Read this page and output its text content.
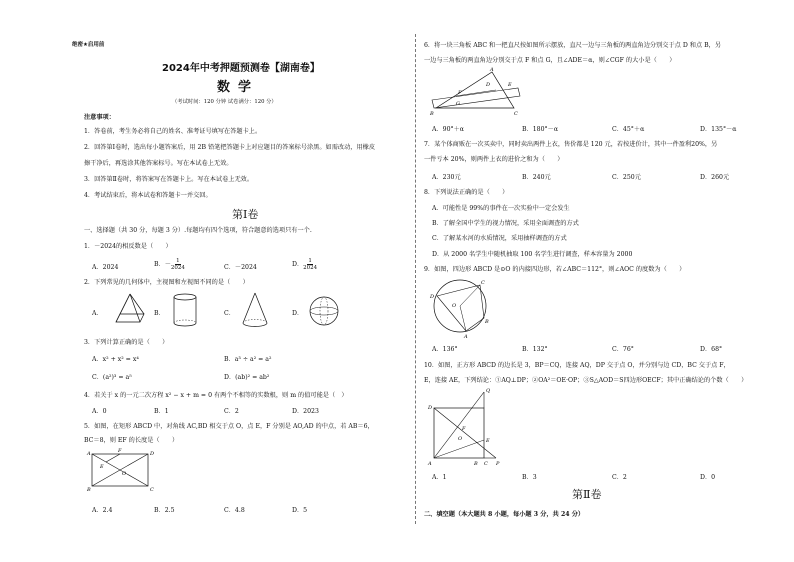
绝密★启用前
2024年中考押题预测卷【湖南卷】
数学
（考试时间：120 分钟 试卷满分：120 分）
注意事项：
1．答卷前，考生务必将自己的姓名、准考证号填写在答题卡上。
2．回答第Ⅰ卷时，选出每小题答案后，用 2B 铅笔把答题卡上对应题目的答案标号涂黑。如需改动，用橡皮
擦干净后，再选涂其他答案标号。写在本试卷上无效。
3．回答第Ⅱ卷时，将答案写在答题卡上。写在本试卷上无效。
4．考试结束后，将本试卷和答题卡一并交回。
第Ⅰ卷
一、选择题（共 30 分，每题 3 分）.每题均有四个选项，符合题意的选项只有一个.
1．－2024的相反数是（　　）
A．2024	B．－ $\frac{1}{2024}$	C．－2024	D． $\frac{1}{2024}$
2．下列常见的几何体中，主视图和左视图不同的是（　　）
A．	B．	C．	D．
3．下列计算正确的是（　　）
A．x² + x² = x⁴	B．a³ ÷ a² = a²
C．(a²)³ = a⁵	D．(ab)² = ab²
4．若关于 x 的一元二次方程 x² − x + m = 0 有两个不相等的实数根，则 m 的值可能是（　）
A．0	B．1	C．2	D．2023
5．如图，在矩形 ABCD 中，对角线 AC,BD 相交于点 O，点 E，F 分别是 AO,AD 的中点，若 AB＝6，
BC＝8，则 EF 的长度是（　　）
A	D
E
F
O
B	C
A．2.4	B．2.5	C．4.8	D．5
6．将一块三角板 ABC 和一把直尺按如图所示摆放，直尺一边与三角板的两直角边分别交于点 D 和点 B，另
一边与三角板的两直角边分别交于点 F 和点 G，且∠ADE＝α，则∠CGF 的大小是（　　）
A
D	E
F
G
B	C
A．90°＋α	B．180°－α	C．45°＋α	D．135°－α
7．某个体商贩在一次买卖中，同时卖出两件上衣，售价都是 120 元，若按进价计，其中一件盈利20%，另
一件亏本 20%，则两件上衣的进价之和为（　　）
A．230元	B．240元	C．250元	D．260元
8．下列说法正确的是（　　）
A．可能性是 99%的事件在一次实验中一定会发生
B．了解全国中学生的视力情况，采用全面调查的方式
C．了解某水河的水质情况，采用抽样调查的方式
D．从 2000 名学生中随机抽取 100 名学生进行调查，样本容量为 2000
9．如图，四边形 ABCD 是⊙O 的内接四边形，若∠ABC＝112°，则∠AOC 的度数为（　　）
C
D
O
B
A
A．136°	B．132°	C．76°	D．68°
10．如图，正方形 ABCD 的边长是 3，BP＝CQ，连接 AQ，DP 交于点 O，并分别与边 CD，BC 交于点 F，
E，连接 AE，下列结论：①AQ⊥DP；②OA²＝OE·OP；③S△AOD＝S四边形OECF；其中正确结论的个数（　　）
D
Q
F
O	E
A	B C P
A．1	B．3	C．2	D．0
第Ⅱ卷
二、填空题（本大题共 8 小题，每小题 3 分，共 24 分）
